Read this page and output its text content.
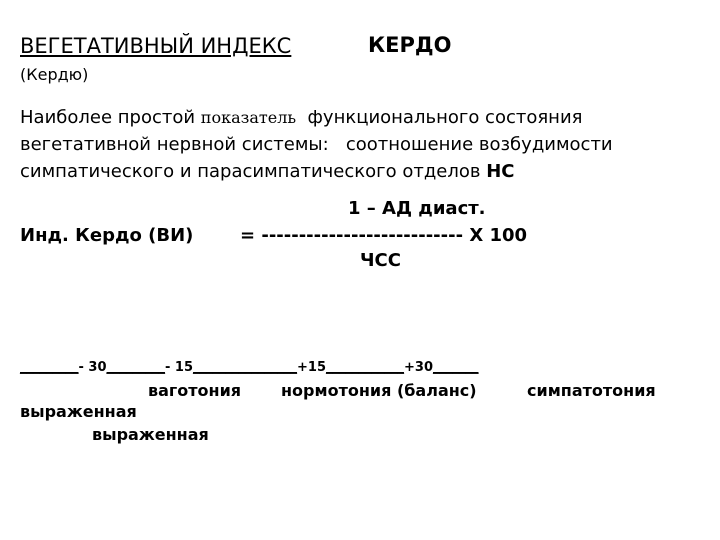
ВЕГЕТАТИВНЫЙ ИНДЕКС	КЕРДО
(Кердю)
Наиболее простой показатель  функционального состояния
вегетативной нервной системы:   соотношение возбудимости
симпатического и парасимпатического отделов НС
1 – АД диаст.
Инд. Кердо (ВИ)	= --------------------------- Х 100
ЧСС
_________- 30_________- 15________________+15____________+30_______
ваготония нормотония (баланс)	симпатотония
выраженная
выраженная
